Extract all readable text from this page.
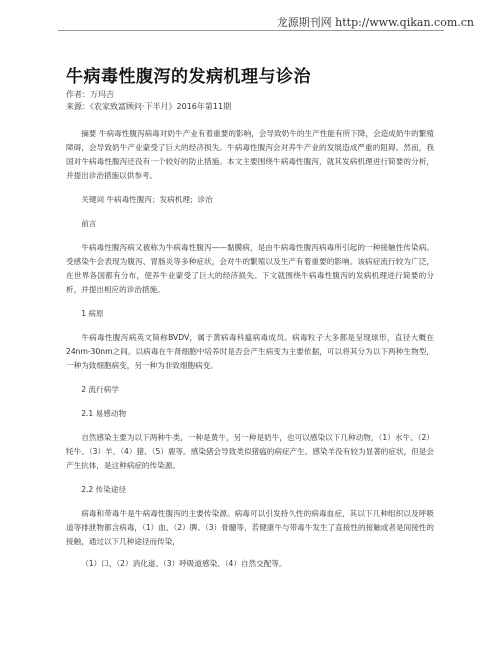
龙源期刊网 http://www.qikan.com.cn
牛病毒性腹泻的发病机理与诊治
作者：万玛吉
来源：《农家致富顾问·下半月》2016年第11期

摘要 牛病毒性腹泻病毒对奶牛产业有着重要的影响，会导致奶牛的生产性能有所下降，会造成奶牛的繁殖障碍，会导致奶牛产业蒙受了巨大的经济损失。牛病毒性腹泻会对养牛产业的发展造成严重的阻碍。然而，我国对牛病毒性腹泻还没有一个较好的防止措施。本文主要围绕牛病毒性腹泻，就其发病机理进行简要的分析，并提出诊治措施以供参考。

关键词 牛病毒性腹泻；发病机理；诊治

前言

牛病毒性腹泻病又被称为牛病毒性腹泻——黏膜病，是由牛病毒性腹泻病毒所引起的一种接触性传染病。受感染牛会表现为腹泻、胃肠炎等多种症状，会对牛的繁殖以及生产有着重要的影响。该病症流行较为广泛，在世界各国都有分布，使养牛业蒙受了巨大的经济损失。下文就围绕牛病毒性腹泻的发病机理进行简要的分析，并提出相应的诊治措施。

1 病原

牛病毒性腹泻病英文简称BVDV，属于黄病毒科瘟病毒成员。病毒粒子大多都是呈现球形，直径大概在24nm-30nm之间。以病毒在牛肾细胞中培养时是否会产生病变为主要依据，可以将其分为以下两种生物型，一种为致细胞病变，另一种为非致细胞病变。

2 流行病学
2.1 易感动物

自然感染主要为以下两种牛类，一种是黄牛，另一种是奶牛，也可以感染以下几种动物，（1）水牛、（2）牦牛、（3）羊、（4）猪、（5）鹿等。感染猪会导致类似猪瘟的病症产生。感染羊没有较为显著的症状，但是会产生抗体，是这种病症的传染源。

2.2 传染途径

病毒和带毒牛是牛病毒性腹泻的主要传染源。病毒可以引发持久性的病毒血症，其以下几种组织以及呼吸道等排泄物都含病毒，（1）血、（2）脾、（3）骨髓等，若健康牛与带毒牛发生了直接性的接触或者是间接性的接触，通过以下几种途径而传染，

（1）口、（2）消化道、（3）呼吸道感染、（4）自然交配等。
